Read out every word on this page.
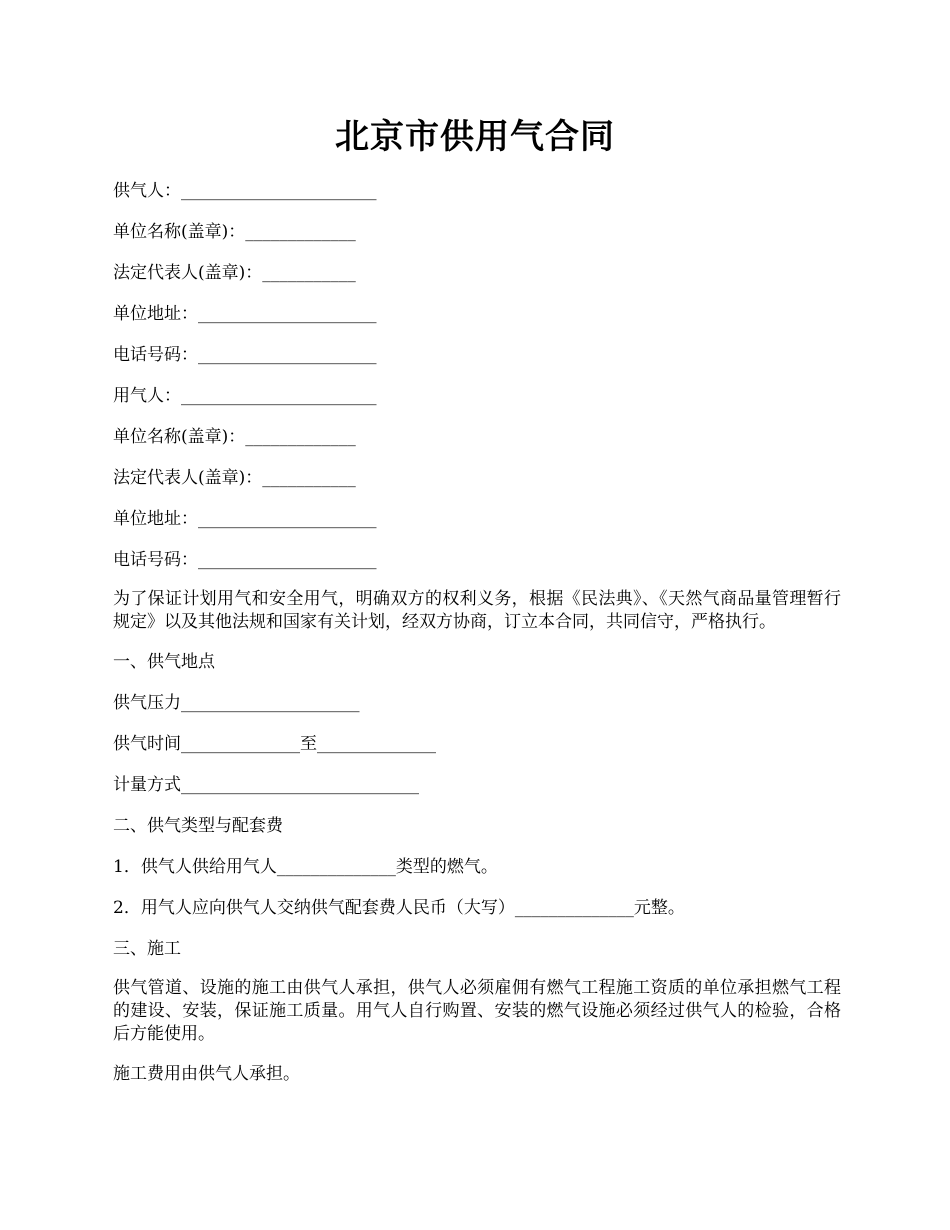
北京市供用气合同
供气人：_______________________
单位名称(盖章)：_____________
法定代表人(盖章)：___________
单位地址：_____________________
电话号码：_____________________
用气人：_______________________
单位名称(盖章)：_____________
法定代表人(盖章)：___________
单位地址：_____________________
电话号码：_____________________
为了保证计划用气和安全用气，明确双方的权利义务，根据《民法典》、《天然气商品量管理暂行规定》以及其他法规和国家有关计划，经双方协商，订立本合同，共同信守，严格执行。
一、供气地点
供气压力_____________________
供气时间______________至______________
计量方式____________________________
二、供气类型与配套费
1．供气人供给用气人______________类型的燃气。
2．用气人应向供气人交纳供气配套费人民币（大写）______________元整。
三、施工
供气管道、设施的施工由供气人承担，供气人必须雇佣有燃气工程施工资质的单位承担燃气工程的建设、安装，保证施工质量。用气人自行购置、安装的燃气设施必须经过供气人的检验，合格后方能使用。
施工费用由供气人承担。
